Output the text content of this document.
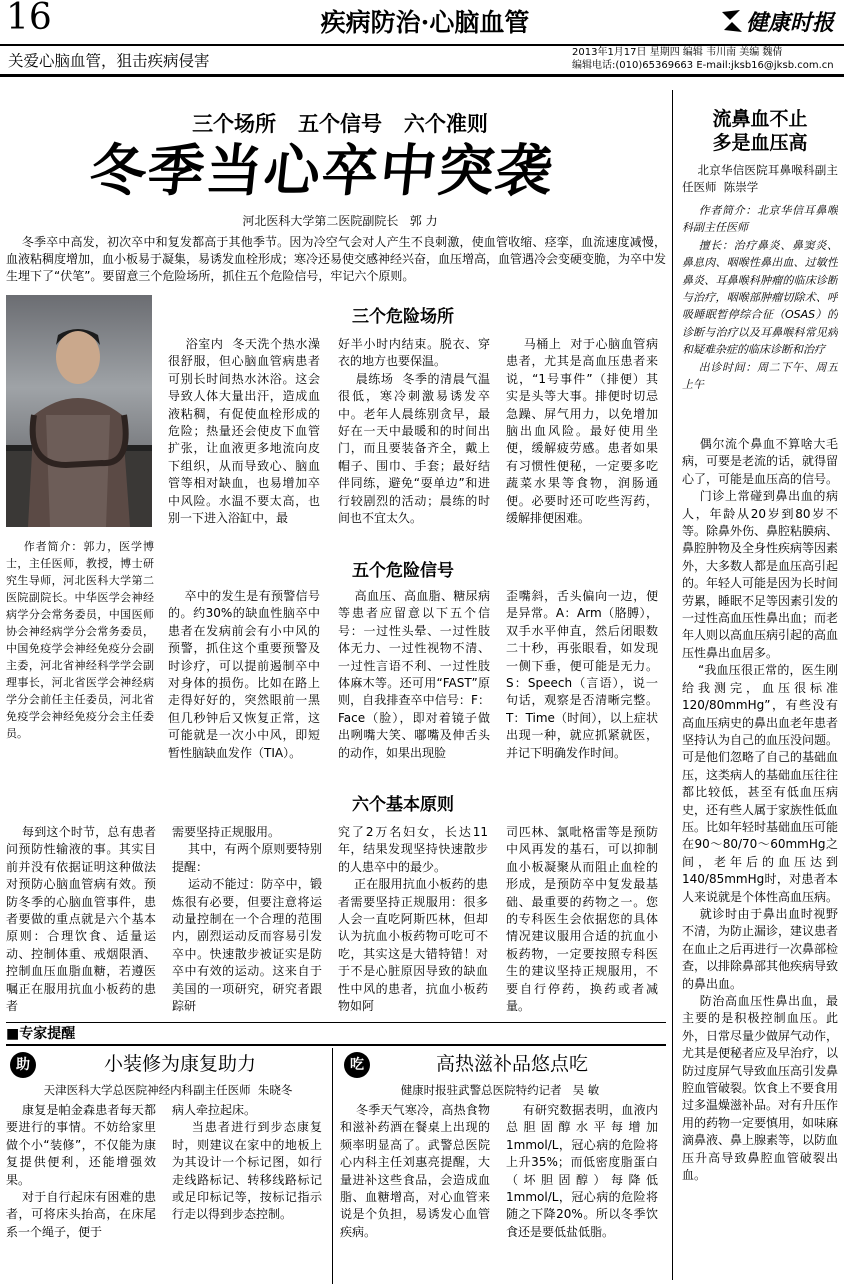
16	疾病防治·心脑血管	健康时报
关爱心脑血管，狙击疾病侵害	2013年1月17日 星期四 编辑 韦川南 美编 魏倩
编辑电话:(010)65369663 E-mail:jksb16@jksb.com.cn
三个场所   五个信号   六个准则
冬季当心卒中突袭
河北医科大学第二医院副院长   郭 力
冬季卒中高发，初次卒中和复发都高于其他季节。因为冷空气会对人产生不良刺激，使血管收缩、痉挛，血流速度减慢，血液粘稠度增加，血小板易于凝集，易诱发血栓形成；寒冷还易使交感神经兴奋，血压增高，血管遇冷会变硬变脆，为卒中发生埋下了“伏笔”。要留意三个危险场所，抓住五个危险信号，牢记六个原则。
作者简介：郭力，医学博士，主任医师，教授，博士研究生导师，河北医科大学第二医院副院长。中华医学会神经病学分会常务委员，中国医师协会神经病学分会常务委员，中国免疫学会神经免疫分会副主委，河北省神经科学学会副理事长，河北省医学会神经病学分会前任主任委员，河北省免疫学会神经免疫分会主任委员。
三个危险场所
浴室内  冬天洗个热水澡很舒服，但心脑血管病患者可别长时间热水沐浴。这会导致人体大量出汗，造成血液粘稠，有促使血栓形成的危险；热量还会使皮下血管扩张，让血液更多地流向皮下组织，从而导致心、脑血管等相对缺血，也易增加卒中风险。水温不要太高，也别一下进入浴缸中，最
好半小时内结束。脱衣、穿衣的地方也要保温。
晨练场  冬季的清晨气温很低，寒冷刺激易诱发卒中。老年人晨练别贪早，最好在一天中最暖和的时间出门，而且要装备齐全，戴上帽子、围巾、手套；最好结伴同练，避免“耍单边”和进行较剧烈的活动；晨练的时间也不宜太久。
马桶上  对于心脑血管病患者，尤其是高血压患者来说，“1号事件”（排便）其实是头等大事。排便时切忌急躁、屏气用力，以免增加脑出血风险。最好使用坐便，缓解疲劳感。患者如果有习惯性便秘，一定要多吃蔬菜水果等食物，润肠通便。必要时还可吃些泻药，缓解排便困难。
五个危险信号
卒中的发生是有预警信号的。约30%的缺血性脑卒中患者在发病前会有小中风的预警，抓住这个重要预警及时诊疗，可以提前遏制卒中对身体的损伤。比如在路上走得好好的，突然眼前一黑但几秒钟后又恢复正常，这可能就是一次小中风，即短暂性脑缺血发作（TIA）。
高血压、高血脂、糖尿病等患者应留意以下五个信号：一过性头晕、一过性肢体无力、一过性视物不清、一过性言语不利、一过性肢体麻木等。还可用“FAST”原则，自我排查卒中信号：F：Face（脸），即对着镜子做出咧嘴大笑、嘟嘴及伸舌头的动作，如果出现脸
歪嘴斜，舌头偏向一边，便是异常。A：Arm（胳膊），双手水平伸直，然后闭眼数二十秒，再张眼看，如发现一侧下垂，便可能是无力。S：Speech（言语），说一句话，观察是否清晰完整。T：Time（时间），以上症状出现一种，就应抓紧就医，并记下明确发作时间。
六个基本原则
每到这个时节，总有患者问预防性输液的事。其实目前并没有依据证明这种做法对预防心脑血管病有效。预防冬季的心脑血管事件，患者要做的重点就是六个基本原则：合理饮食、适量运动、控制体重、戒烟限酒、控制血压血脂血糖，若遵医嘱正在服用抗血小板药的患者
需要坚持正规服用。
其中，有两个原则要特别提醒：
运动不能过：防卒中，锻炼很有必要，但要注意将运动量控制在一个合理的范围内，剧烈运动反而容易引发卒中。快速散步被证实是防卒中有效的运动。这来自于美国的一项研究，研究者跟踪研
究了2万名妇女，长达11年，结果发现坚持快速散步的人患卒中的最少。
正在服用抗血小板药的患者需要坚持正规服用：很多人会一直吃阿斯匹林，但却认为抗血小板药物可吃可不吃，其实这是大错特错！对于不是心脏原因导致的缺血性中风的患者，抗血小板药物如阿
司匹林、氯吡格雷等是预防中风再发的基石，可以抑制血小板凝聚从而阻止血栓的形成，是预防卒中复发最基础、最重要的药物之一。您的专科医生会依据您的具体情况建议服用合适的抗血小板药物，一定要按照专科医生的建议坚持正规服用，不要自行停药，换药或者减量。
流鼻血不止
多是血压高
北京华信医院耳鼻喉科副主任医师  陈崇学
作者简介：北京华信耳鼻喉科副主任医师
擅长：治疗鼻炎、鼻窦炎、鼻息肉、咽喉性鼻出血、过敏性鼻炎、耳鼻喉科肿瘤的临床诊断与治疗，咽喉部肿瘤切除术、呼吸睡眠暂停综合征（OSAS）的诊断与治疗以及耳鼻喉科常见病和疑难杂症的临床诊断和治疗
出诊时间：周二下午、周五上午
偶尔流个鼻血不算啥大毛病，可要是老流的话，就得留心了，可能是血压高的信号。
门诊上常碰到鼻出血的病人，年龄从20岁到80岁不等。除鼻外伤、鼻腔粘膜病、鼻腔肿物及全身性疾病等因素外，大多数人都是血压高引起的。年轻人可能是因为长时间劳累，睡眠不足等因素引发的一过性高血压性鼻出血；而老年人则以高血压病引起的高血压性鼻出血居多。
“我血压很正常的，医生刚给我测完，血压很标准120/80mmHg”，有些没有高血压病史的鼻出血老年患者坚持认为自己的血压没问题。可是他们忽略了自己的基础血压，这类病人的基础血压往往都比较低，甚至有低血压病史，还有些人属于家族性低血压。比如年轻时基础血压可能在90～80/70～60mmHg之间，老年后的血压达到140/85mmHg时，对患者本人来说就是个体性高血压病。
就诊时由于鼻出血时视野不清，为防止漏诊，建议患者在血止之后再进行一次鼻部检查，以排除鼻部其他疾病导致的鼻出血。
防治高血压性鼻出血，最主要的是积极控制血压。此外，日常尽量少做屏气动作，尤其是便秘者应及早治疗，以防过度屏气导致血压高引发鼻腔血管破裂。饮食上不要食用过多温燥滋补品。对有升压作用的药物一定要慎用，如味麻滴鼻液、鼻上腺素等，以防血压升高导致鼻腔血管破裂出血。
■专家提醒
助	小装修为康复助力
天津医科大学总医院神经内科副主任医师  朱晓冬
康复是帕金森患者每天都要进行的事情。不妨给家里做个小“装修”，不仅能为康复提供便利，还能增强效果。
对于自行起床有困难的患者，可将床头抬高，在床尾系一个绳子，便于
病人牵拉起床。
当患者进行到步态康复时，则建议在家中的地板上为其设计一个标记图，如行走线路标记、转移线路标记或足印标记等，按标记指示行走以得到步态控制。
吃	高热滋补品悠点吃
健康时报驻武警总医院特约记者   吴 敏
冬季天气寒冷，高热食物和滋补药酒在餐桌上出现的频率明显高了。武警总医院心内科主任刘惠亮提醒，大量进补这些食品，会造成血脂、血糖增高，对心血管来说是个负担，易诱发心血管疾病。
有研究数据表明，血液内总胆固醇水平每增加1mmol/L，冠心病的危险将上升35%；而低密度脂蛋白（坏胆固醇）每降低1mmol/L，冠心病的危险将随之下降20%。所以冬季饮食还是要低盐低脂。
